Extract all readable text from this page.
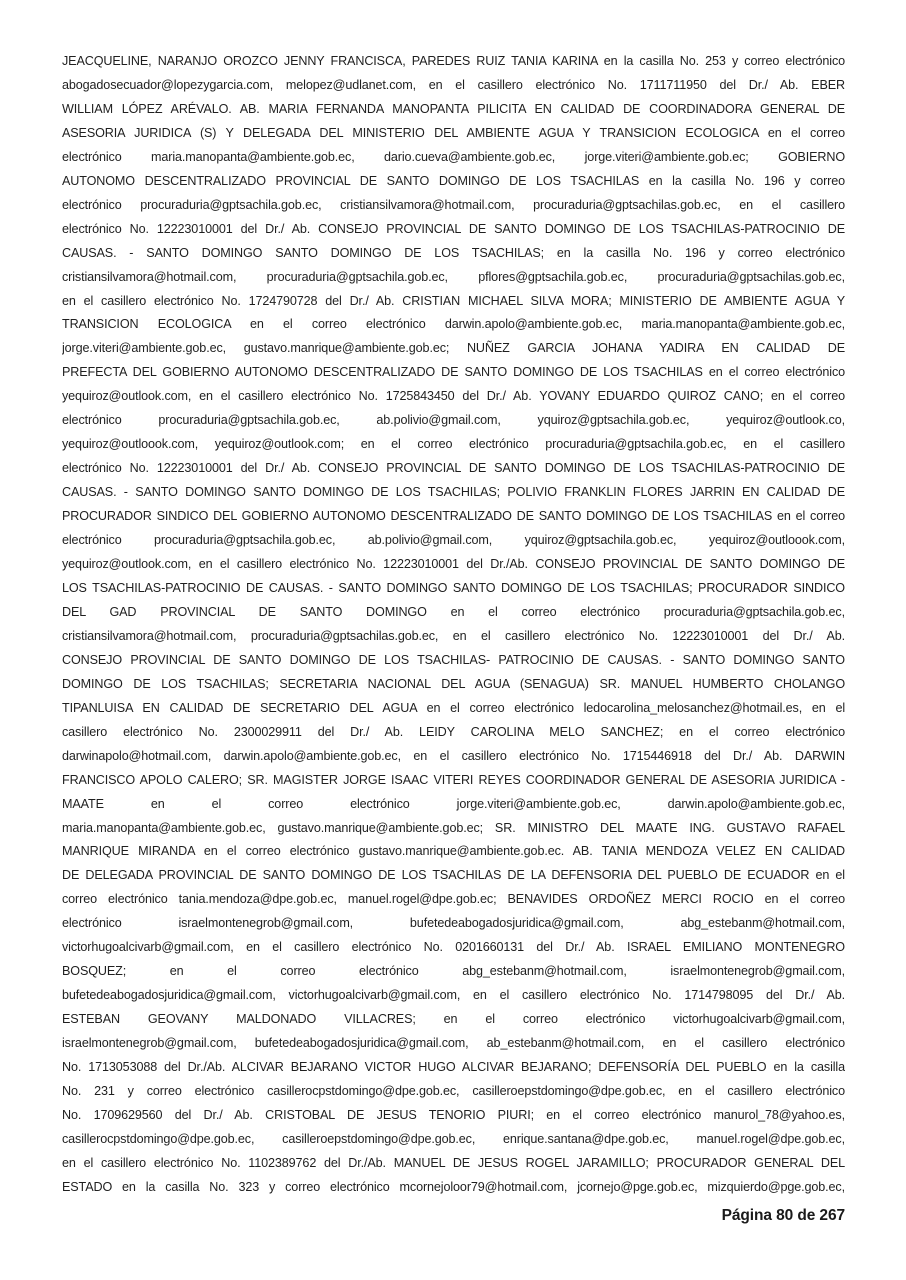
JEACQUELINE, NARANJO OROZCO JENNY FRANCISCA, PAREDES RUIZ TANIA KARINA en la casilla No. 253 y correo electrónico

abogadosecuador@lopezygarcia.com, melopez@udlanet.com, en el casillero electrónico No. 1711711950 del Dr./ Ab. EBER

WILLIAM LÓPEZ ARÉVALO. AB. MARIA FERNANDA MANOPANTA PILICITA EN CALIDAD DE COORDINADORA GENERAL DE

ASESORIA JURIDICA (S) Y DELEGADA DEL MINISTERIO DEL AMBIENTE AGUA Y TRANSICION ECOLOGICA en el correo

electrónico maria.manopanta@ambiente.gob.ec, dario.cueva@ambiente.gob.ec, jorge.viteri@ambiente.gob.ec; GOBIERNO

AUTONOMO DESCENTRALIZADO PROVINCIAL DE SANTO DOMINGO DE LOS TSACHILAS en la casilla No. 196 y correo

electrónico procuraduria@gptsachila.gob.ec, cristiansilvamora@hotmail.com, procuraduria@gptsachilas.gob.ec, en el casillero

electrónico No. 12223010001 del Dr./ Ab. CONSEJO PROVINCIAL DE SANTO DOMINGO DE LOS TSACHILAS-PATROCINIO DE

CAUSAS. - SANTO DOMINGO SANTO DOMINGO DE LOS TSACHILAS; en la casilla No. 196 y correo electrónico

cristiansilvamora@hotmail.com, procuraduria@gptsachila.gob.ec, pflores@gptsachila.gob.ec, procuraduria@gptsachilas.gob.ec,

en el casillero electrónico No. 1724790728 del Dr./ Ab. CRISTIAN MICHAEL SILVA MORA; MINISTERIO DE AMBIENTE AGUA Y

TRANSICION ECOLOGICA en el correo electrónico darwin.apolo@ambiente.gob.ec, maria.manopanta@ambiente.gob.ec,

jorge.viteri@ambiente.gob.ec, gustavo.manrique@ambiente.gob.ec; NUÑEZ GARCIA JOHANA YADIRA EN CALIDAD DE

PREFECTA DEL GOBIERNO AUTONOMO DESCENTRALIZADO DE SANTO DOMINGO DE LOS TSACHILAS en el correo electrónico

yequiroz@outlook.com, en el casillero electrónico No. 1725843450 del Dr./ Ab. YOVANY EDUARDO QUIROZ CANO; en el correo

electrónico procuraduria@gptsachila.gob.ec, ab.polivio@gmail.com, yquiroz@gptsachila.gob.ec, yequiroz@outlook.co,

yequiroz@outloook.com, yequiroz@outlook.com; en el correo electrónico procuraduria@gptsachila.gob.ec, en el casillero

electrónico No. 12223010001 del Dr./ Ab. CONSEJO PROVINCIAL DE SANTO DOMINGO DE LOS TSACHILAS-PATROCINIO DE

CAUSAS. - SANTO DOMINGO SANTO DOMINGO DE LOS TSACHILAS; POLIVIO FRANKLIN FLORES JARRIN EN CALIDAD DE

PROCURADOR SINDICO DEL GOBIERNO AUTONOMO DESCENTRALIZADO DE SANTO DOMINGO DE LOS TSACHILAS en el correo

electrónico procuraduria@gptsachila.gob.ec, ab.polivio@gmail.com, yquiroz@gptsachila.gob.ec, yequiroz@outloook.com,

yequiroz@outlook.com, en el casillero electrónico No. 12223010001 del Dr./Ab. CONSEJO PROVINCIAL DE SANTO DOMINGO DE

LOS TSACHILAS-PATROCINIO DE CAUSAS. - SANTO DOMINGO SANTO DOMINGO DE LOS TSACHILAS; PROCURADOR SINDICO

DEL GAD PROVINCIAL DE SANTO DOMINGO en el correo electrónico procuraduria@gptsachila.gob.ec,

cristiansilvamora@hotmail.com, procuraduria@gptsachilas.gob.ec, en el casillero electrónico No. 12223010001 del Dr./ Ab.

CONSEJO PROVINCIAL DE SANTO DOMINGO DE LOS TSACHILAS- PATROCINIO DE CAUSAS. - SANTO DOMINGO SANTO

DOMINGO DE LOS TSACHILAS; SECRETARIA NACIONAL DEL AGUA (SENAGUA) SR. MANUEL HUMBERTO CHOLANGO

TIPANLUISA EN CALIDAD DE SECRETARIO DEL AGUA en el correo electrónico ledocarolina_melosanchez@hotmail.es, en el

casillero electrónico No. 2300029911 del Dr./ Ab. LEIDY CAROLINA MELO SANCHEZ; en el correo electrónico

darwinapolo@hotmail.com, darwin.apolo@ambiente.gob.ec, en el casillero electrónico No. 1715446918 del Dr./ Ab. DARWIN

FRANCISCO APOLO CALERO; SR. MAGISTER JORGE ISAAC VITERI REYES COORDINADOR GENERAL DE ASESORIA JURIDICA -

MAATE en el correo electrónico jorge.viteri@ambiente.gob.ec, darwin.apolo@ambiente.gob.ec,

maria.manopanta@ambiente.gob.ec, gustavo.manrique@ambiente.gob.ec; SR. MINISTRO DEL MAATE ING. GUSTAVO RAFAEL

MANRIQUE MIRANDA en el correo electrónico gustavo.manrique@ambiente.gob.ec. AB. TANIA MENDOZA VELEZ EN CALIDAD

DE DELEGADA PROVINCIAL DE SANTO DOMINGO DE LOS TSACHILAS DE LA DEFENSORIA DEL PUEBLO DE ECUADOR en el

correo electrónico tania.mendoza@dpe.gob.ec, manuel.rogel@dpe.gob.ec; BENAVIDES ORDOÑEZ MERCI ROCIO en el correo

electrónico israelmontenegrob@gmail.com, bufetedeabogadosjuridica@gmail.com, abg_estebanm@hotmail.com,

victorhugoalcivarb@gmail.com, en el casillero electrónico No. 0201660131 del Dr./ Ab. ISRAEL EMILIANO MONTENEGRO

BOSQUEZ; en el correo electrónico abg_estebanm@hotmail.com, israelmontenegrob@gmail.com,

bufetedeabogadosjuridica@gmail.com, victorhugoalcivarb@gmail.com, en el casillero electrónico No. 1714798095 del Dr./ Ab.

ESTEBAN GEOVANY MALDONADO VILLACRES; en el correo electrónico victorhugoalcivarb@gmail.com,

israelmontenegrob@gmail.com, bufetedeabogadosjuridica@gmail.com, ab_estebanm@hotmail.com, en el casillero electrónico

No. 1713053088 del Dr./Ab. ALCIVAR BEJARANO VICTOR HUGO ALCIVAR BEJARANO; DEFENSORÍA DEL PUEBLO en la casilla

No. 231 y correo electrónico casillerocpstdomingo@dpe.gob.ec, casilleroepstdomingo@dpe.gob.ec, en el casillero electrónico

No. 1709629560 del Dr./ Ab. CRISTOBAL DE JESUS TENORIO PIURI; en el correo electrónico manurol_78@yahoo.es,

casillerocpstdomingo@dpe.gob.ec, casilleroepstdomingo@dpe.gob.ec, enrique.santana@dpe.gob.ec, manuel.rogel@dpe.gob.ec,

en el casillero electrónico No. 1102389762 del Dr./Ab. MANUEL DE JESUS ROGEL JARAMILLO; PROCURADOR GENERAL DEL

ESTADO en la casilla No. 323 y correo electrónico mcornejoloor79@hotmail.com, jcornejo@pge.gob.ec, mizquierdo@pge.gob.ec,

Página 80 de 267
